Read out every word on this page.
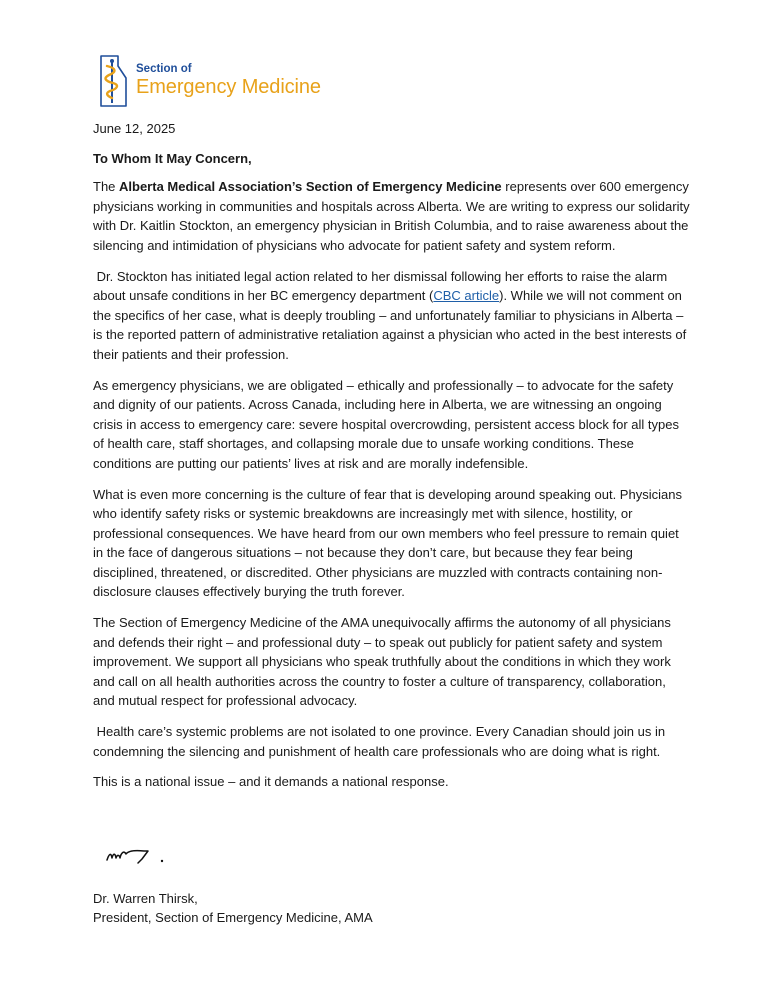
Section of
Emergency Medicine

June 12, 2025

To Whom It May Concern,

The Alberta Medical Association’s Section of Emergency Medicine represents over 600 emergency physicians working in communities and hospitals across Alberta. We are writing to express our solidarity with Dr. Kaitlin Stockton, an emergency physician in British Columbia, and to raise awareness about the silencing and intimidation of physicians who advocate for patient safety and system reform.

Dr. Stockton has initiated legal action related to her dismissal following her efforts to raise the alarm about unsafe conditions in her BC emergency department (CBC article). While we will not comment on the specifics of her case, what is deeply troubling – and unfortunately familiar to physicians in Alberta – is the reported pattern of administrative retaliation against a physician who acted in the best interests of their patients and their profession.

As emergency physicians, we are obligated – ethically and professionally – to advocate for the safety and dignity of our patients. Across Canada, including here in Alberta, we are witnessing an ongoing crisis in access to emergency care: severe hospital overcrowding, persistent access block for all types of health care, staff shortages, and collapsing morale due to unsafe working conditions. These conditions are putting our patients’ lives at risk and are morally indefensible.

What is even more concerning is the culture of fear that is developing around speaking out. Physicians who identify safety risks or systemic breakdowns are increasingly met with silence, hostility, or professional consequences. We have heard from our own members who feel pressure to remain quiet in the face of dangerous situations – not because they don’t care, but because they fear being disciplined, threatened, or discredited. Other physicians are muzzled with contracts containing non-disclosure clauses effectively burying the truth forever.

The Section of Emergency Medicine of the AMA unequivocally affirms the autonomy of all physicians and defends their right – and professional duty – to speak out publicly for patient safety and system improvement. We support all physicians who speak truthfully about the conditions in which they work and call on all health authorities across the country to foster a culture of transparency, collaboration, and mutual respect for professional advocacy.

Health care’s systemic problems are not isolated to one province. Every Canadian should join us in condemning the silencing and punishment of health care professionals who are doing what is right.

This is a national issue – and it demands a national response.

Dr. Warren Thirsk,
President, Section of Emergency Medicine, AMA
